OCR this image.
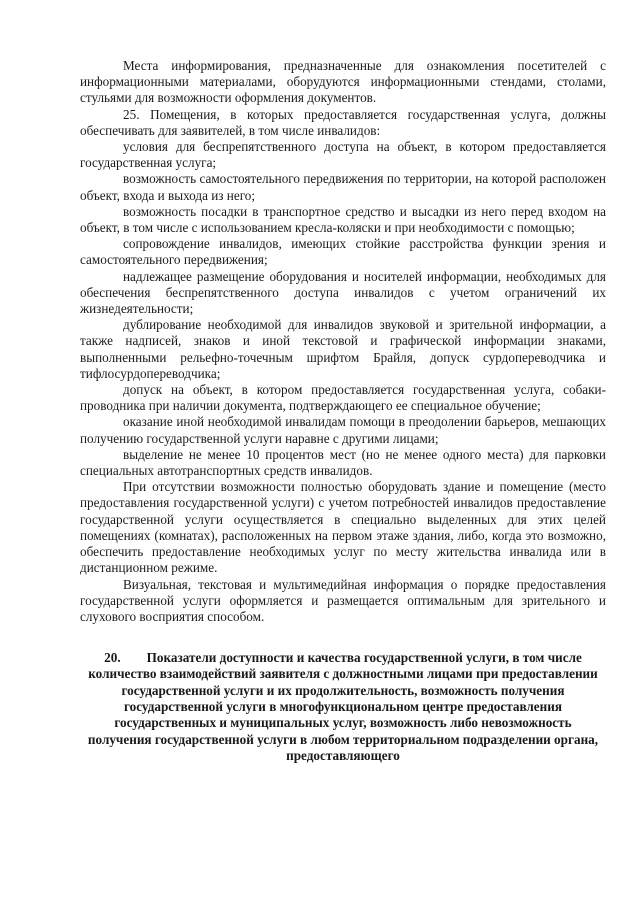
Места информирования, предназначенные для ознакомления посетителей с информационными материалами, оборудуются информационными стендами, столами, стульями для возможности оформления документов.

25. Помещения, в которых предоставляется государственная услуга, должны обеспечивать для заявителей, в том числе инвалидов:

условия для беспрепятственного доступа на объект, в котором предоставляется государственная услуга;

возможность самостоятельного передвижения по территории, на которой расположен объект, входа и выхода из него;

возможность посадки в транспортное средство и высадки из него перед входом на объект, в том числе с использованием кресла-коляски и при необходимости с помощью;

сопровождение инвалидов, имеющих стойкие расстройства функции зрения и самостоятельного передвижения;

надлежащее размещение оборудования и носителей информации, необходимых для обеспечения беспрепятственного доступа инвалидов с учетом ограничений их жизнедеятельности;

дублирование необходимой для инвалидов звуковой и зрительной информации, а также надписей, знаков и иной текстовой и графической информации знаками, выполненными рельефно-точечным шрифтом Брайля, допуск сурдопереводчика и тифлосурдопереводчика;

допуск на объект, в котором предоставляется государственная услуга, собаки-проводника при наличии документа, подтверждающего ее специальное обучение;

оказание иной необходимой инвалидам помощи в преодолении барьеров, мешающих получению государственной услуги наравне с другими лицами;

выделение не менее 10 процентов мест (но не менее одного места) для парковки специальных автотранспортных средств инвалидов.

При отсутствии возможности полностью оборудовать здание и помещение (место предоставления государственной услуги) с учетом потребностей инвалидов предоставление государственной услуги осуществляется в специально выделенных для этих целей помещениях (комнатах), расположенных на первом этаже здания, либо, когда это возможно, обеспечить предоставление необходимых услуг по месту жительства инвалида или в дистанционном режиме.

Визуальная, текстовая и мультимедийная информация о порядке предоставления государственной услуги оформляется и размещается оптимальным для зрительного и слухового восприятия способом.

20. Показатели доступности и качества государственной услуги, в том числе количество взаимодействий заявителя с должностными лицами при предоставлении государственной услуги и их продолжительность, возможность получения государственной услуги в многофункциональном центре предоставления государственных и муниципальных услуг, возможность либо невозможность получения государственной услуги в любом территориальном подразделении органа, предоставляющего
